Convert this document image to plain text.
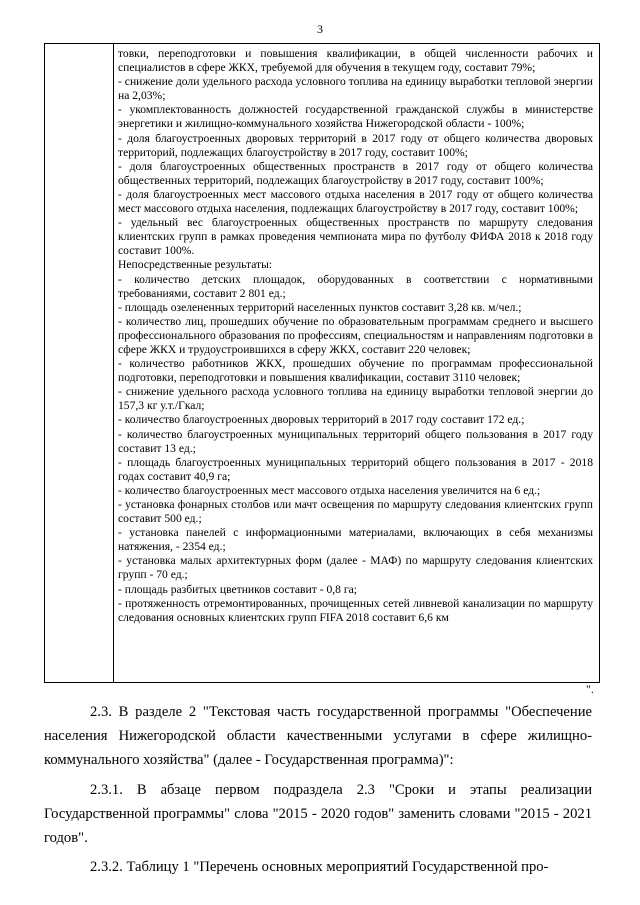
3
товки, переподготовки и повышения квалификации, в общей численности рабочих и специалистов в сфере ЖКХ, требуемой для обучения в текущем году, составит 79%;
- снижение доли удельного расхода условного топлива на единицу выработки тепловой энергии на 2,03%;
- укомплектованность должностей государственной гражданской службы в министерстве энергетики и жилищно-коммунального хозяйства Нижегородской области - 100%;
- доля благоустроенных дворовых территорий в 2017 году от общего количества дворовых территорий, подлежащих благоустройству в 2017 году, составит 100%;
- доля благоустроенных общественных пространств в 2017 году от общего количества общественных территорий, подлежащих благоустройству в 2017 году, составит 100%;
- доля благоустроенных мест массового отдыха населения в 2017 году от общего количества мест массового отдыха населения, подлежащих благоустройству в 2017 году, составит 100%;
- удельный вес благоустроенных общественных пространств по маршруту следования клиентских групп в рамках проведения чемпионата мира по футболу ФИФА 2018 к 2018 году составит 100%.
Непосредственные результаты:
- количество детских площадок, оборудованных в соответствии с нормативными требованиями, составит 2 801 ед.;
- площадь озелененных территорий населенных пунктов составит 3,28 кв. м/чел.;
- количество лиц, прошедших обучение по образовательным программам среднего и высшего профессионального образования по профессиям, специальностям и направлениям подготовки в сфере ЖКХ и трудоустроившихся в сферу ЖКХ, составит 220 человек;
- количество работников ЖКХ, прошедших обучение по программам профессиональной подготовки, переподготовки и повышения квалификации, составит 3110 человек;
- снижение удельного расхода условного топлива на единицу выработки тепловой энергии до 157,3 кг у.т./Гкал;
- количество благоустроенных дворовых территорий в 2017 году составит 172 ед.;
- количество благоустроенных муниципальных территорий общего пользования в 2017 году составит 13 ед.;
- площадь благоустроенных муниципальных территорий общего пользования в 2017 - 2018 годах составит 40,9 га;
- количество благоустроенных мест массового отдыха населения увеличится на 6 ед.;
- установка фонарных столбов или мачт освещения по маршруту следования клиентских групп составит 500 ед.;
- установка панелей с информационными материалами, включающих в себя механизмы натяжения, - 2354 ед.;
- установка малых архитектурных форм (далее - МАФ) по маршруту следования клиентских групп - 70 ед.;
- площадь разбитых цветников составит - 0,8 га;
- протяженность отремонтированных, прочищенных сетей ливневой канализации по маршруту следования основных клиентских групп FIFA 2018 составит 6,6 км
".

2.3. В разделе 2 "Текстовая часть государственной программы "Обеспечение населения Нижегородской области качественными услугами в сфере жилищно-коммунального хозяйства" (далее - Государственная программа)":

2.3.1. В абзаце первом подраздела 2.3 "Сроки и этапы реализации Государственной программы" слова "2015 - 2020 годов" заменить словами "2015 - 2021 годов".

2.3.2. Таблицу 1 "Перечень основных мероприятий Государственной про-
